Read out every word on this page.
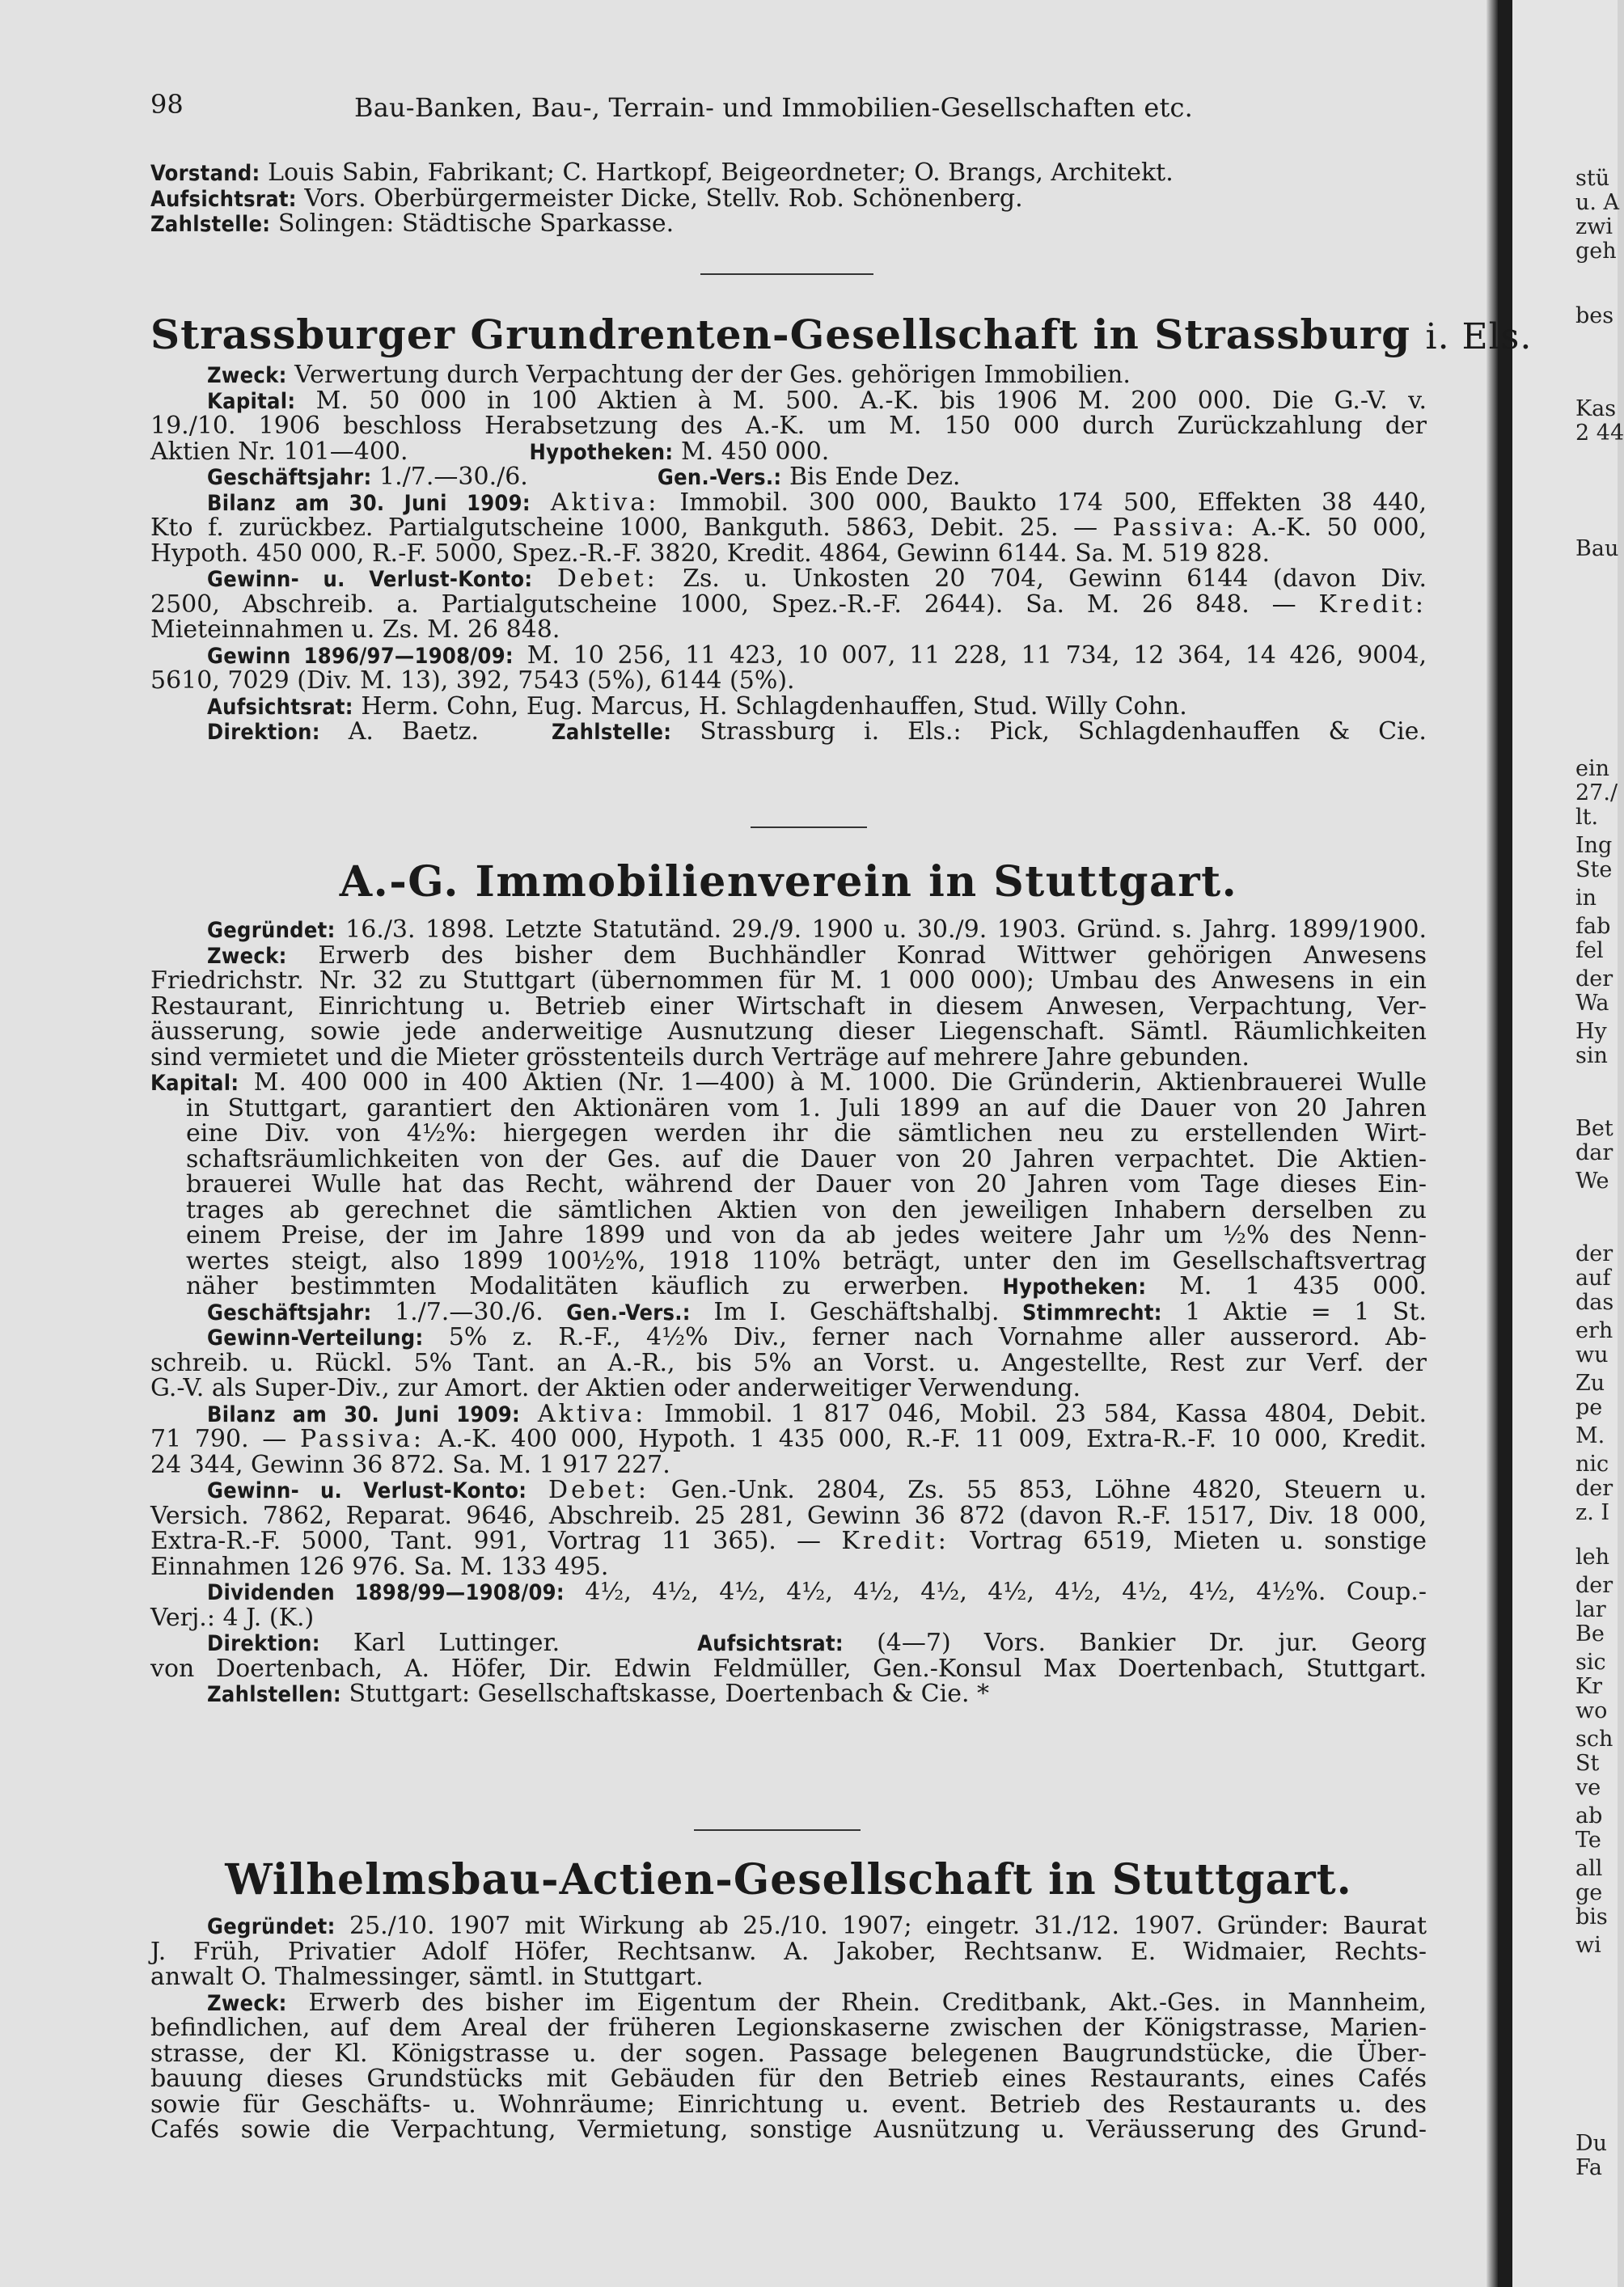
stü
u. A
zwi
geh
bes
Kas
2 44
Bau
ein
27./
lt.
Ing
Ste
in
fab
fel
der
Wa
Hy
sin
Bet
dar
We
der
auf
das
erh
wu
Zu
pe
M.
nic
der
z. I
leh
der
lar
Be
sic
Kr
wo
sch
St
ve
ab
Te
all
ge
bis
wi
Du
Fa
98	Bau-Banken, Bau-, Terrain- und Immobilien-Gesellschaften etc.
Vorstand: Louis Sabin, Fabrikant; C. Hartkopf, Beigeordneter; O. Brangs, Architekt.
Aufsichtsrat: Vors. Oberbürgermeister Dicke, Stellv. Rob. Schönenberg.
Zahlstelle: Solingen: Städtische Sparkasse.
Strassburger Grundrenten-Gesellschaft in Strassburg i. Els.
Zweck: Verwertung durch Verpachtung der der Ges. gehörigen Immobilien.
Kapital: M. 50 000 in 100 Aktien à M. 500. A.-K. bis 1906 M. 200 000. Die G.-V. v.
19./10. 1906 beschloss Herabsetzung des A.-K. um M. 150 000 durch Zurückzahlung der
Aktien Nr. 101—400.	Hypotheken: M. 450 000.
Geschäftsjahr: 1./7.—30./6.	Gen.-Vers.: Bis Ende Dez.
Bilanz am 30. Juni 1909: Aktiva: Immobil. 300 000, Baukto 174 500, Effekten 38 440,
Kto f. zurückbez. Partialgutscheine 1000, Bankguth. 5863, Debit. 25. — Passiva: A.-K. 50 000,
Hypoth. 450 000, R.-F. 5000, Spez.-R.-F. 3820, Kredit. 4864, Gewinn 6144. Sa. M. 519 828.
Gewinn- u. Verlust-Konto: Debet: Zs. u. Unkosten 20 704, Gewinn 6144 (davon Div.
2500, Abschreib. a. Partialgutscheine 1000, Spez.-R.-F. 2644). Sa. M. 26 848. — Kredit:
Mieteinnahmen u. Zs. M. 26 848.
Gewinn 1896/97—1908/09: M. 10 256, 11 423, 10 007, 11 228, 11 734, 12 364, 14 426, 9004,
5610, 7029 (Div. M. 13), 392, 7543 (5%), 6144 (5%).
Aufsichtsrat: Herm. Cohn, Eug. Marcus, H. Schlagdenhauffen, Stud. Willy Cohn.
Direktion: A. Baetz.	Zahlstelle: Strassburg i. Els.: Pick, Schlagdenhauffen & Cie.
A.-G. Immobilienverein in Stuttgart.
Gegründet: 16./3. 1898. Letzte Statutänd. 29./9. 1900 u. 30./9. 1903. Gründ. s. Jahrg. 1899/1900.
Zweck: Erwerb des bisher dem Buchhändler Konrad Wittwer gehörigen Anwesens
Friedrichstr. Nr. 32 zu Stuttgart (übernommen für M. 1 000 000); Umbau des Anwesens in ein
Restaurant, Einrichtung u. Betrieb einer Wirtschaft in diesem Anwesen, Verpachtung, Ver-
äusserung, sowie jede anderweitige Ausnutzung dieser Liegenschaft. Sämtl. Räumlichkeiten
sind vermietet und die Mieter grösstenteils durch Verträge auf mehrere Jahre gebunden.
Kapital: M. 400 000 in 400 Aktien (Nr. 1—400) à M. 1000. Die Gründerin, Aktienbrauerei Wulle
in Stuttgart, garantiert den Aktionären vom 1. Juli 1899 an auf die Dauer von 20 Jahren
eine Div. von 4½%: hiergegen werden ihr die sämtlichen neu zu erstellenden Wirt-
schaftsräumlichkeiten von der Ges. auf die Dauer von 20 Jahren verpachtet. Die Aktien-
brauerei Wulle hat das Recht, während der Dauer von 20 Jahren vom Tage dieses Ein-
trages ab gerechnet die sämtlichen Aktien von den jeweiligen Inhabern derselben zu
einem Preise, der im Jahre 1899 und von da ab jedes weitere Jahr um ½% des Nenn-
wertes steigt, also 1899 100½%, 1918 110% beträgt, unter den im Gesellschaftsvertrag
näher bestimmten Modalitäten käuflich zu erwerben. Hypotheken: M. 1 435 000.
Geschäftsjahr: 1./7.—30./6. Gen.-Vers.: Im I. Geschäftshalbj. Stimmrecht: 1 Aktie = 1 St.
Gewinn-Verteilung: 5% z. R.-F., 4½% Div., ferner nach Vornahme aller ausserord. Ab-
schreib. u. Rückl. 5% Tant. an A.-R., bis 5% an Vorst. u. Angestellte, Rest zur Verf. der
G.-V. als Super-Div., zur Amort. der Aktien oder anderweitiger Verwendung.
Bilanz am 30. Juni 1909: Aktiva: Immobil. 1 817 046, Mobil. 23 584, Kassa 4804, Debit.
71 790. — Passiva: A.-K. 400 000, Hypoth. 1 435 000, R.-F. 11 009, Extra-R.-F. 10 000, Kredit.
24 344, Gewinn 36 872. Sa. M. 1 917 227.
Gewinn- u. Verlust-Konto: Debet: Gen.-Unk. 2804, Zs. 55 853, Löhne 4820, Steuern u.
Versich. 7862, Reparat. 9646, Abschreib. 25 281, Gewinn 36 872 (davon R.-F. 1517, Div. 18 000,
Extra-R.-F. 5000, Tant. 991, Vortrag 11 365). — Kredit: Vortrag 6519, Mieten u. sonstige
Einnahmen 126 976. Sa. M. 133 495.
Dividenden 1898/99—1908/09: 4½, 4½, 4½, 4½, 4½, 4½, 4½, 4½, 4½, 4½, 4½%. Coup.-
Verj.: 4 J. (K.)
Direktion: Karl Luttinger.	Aufsichtsrat: (4—7) Vors. Bankier Dr. jur. Georg
von Doertenbach, A. Höfer, Dir. Edwin Feldmüller, Gen.-Konsul Max Doertenbach, Stuttgart.
Zahlstellen: Stuttgart: Gesellschaftskasse, Doertenbach & Cie. *
Wilhelmsbau-Actien-Gesellschaft in Stuttgart.
Gegründet: 25./10. 1907 mit Wirkung ab 25./10. 1907; eingetr. 31./12. 1907. Gründer: Baurat
J. Früh, Privatier Adolf Höfer, Rechtsanw. A. Jakober, Rechtsanw. E. Widmaier, Rechts-
anwalt O. Thalmessinger, sämtl. in Stuttgart.
Zweck: Erwerb des bisher im Eigentum der Rhein. Creditbank, Akt.-Ges. in Mannheim,
befindlichen, auf dem Areal der früheren Legionskaserne zwischen der Königstrasse, Marien-
strasse, der Kl. Königstrasse u. der sogen. Passage belegenen Baugrundstücke, die Über-
bauung dieses Grundstücks mit Gebäuden für den Betrieb eines Restaurants, eines Cafés
sowie für Geschäfts- u. Wohnräume; Einrichtung u. event. Betrieb des Restaurants u. des
Cafés sowie die Verpachtung, Vermietung, sonstige Ausnützung u. Veräusserung des Grund-
